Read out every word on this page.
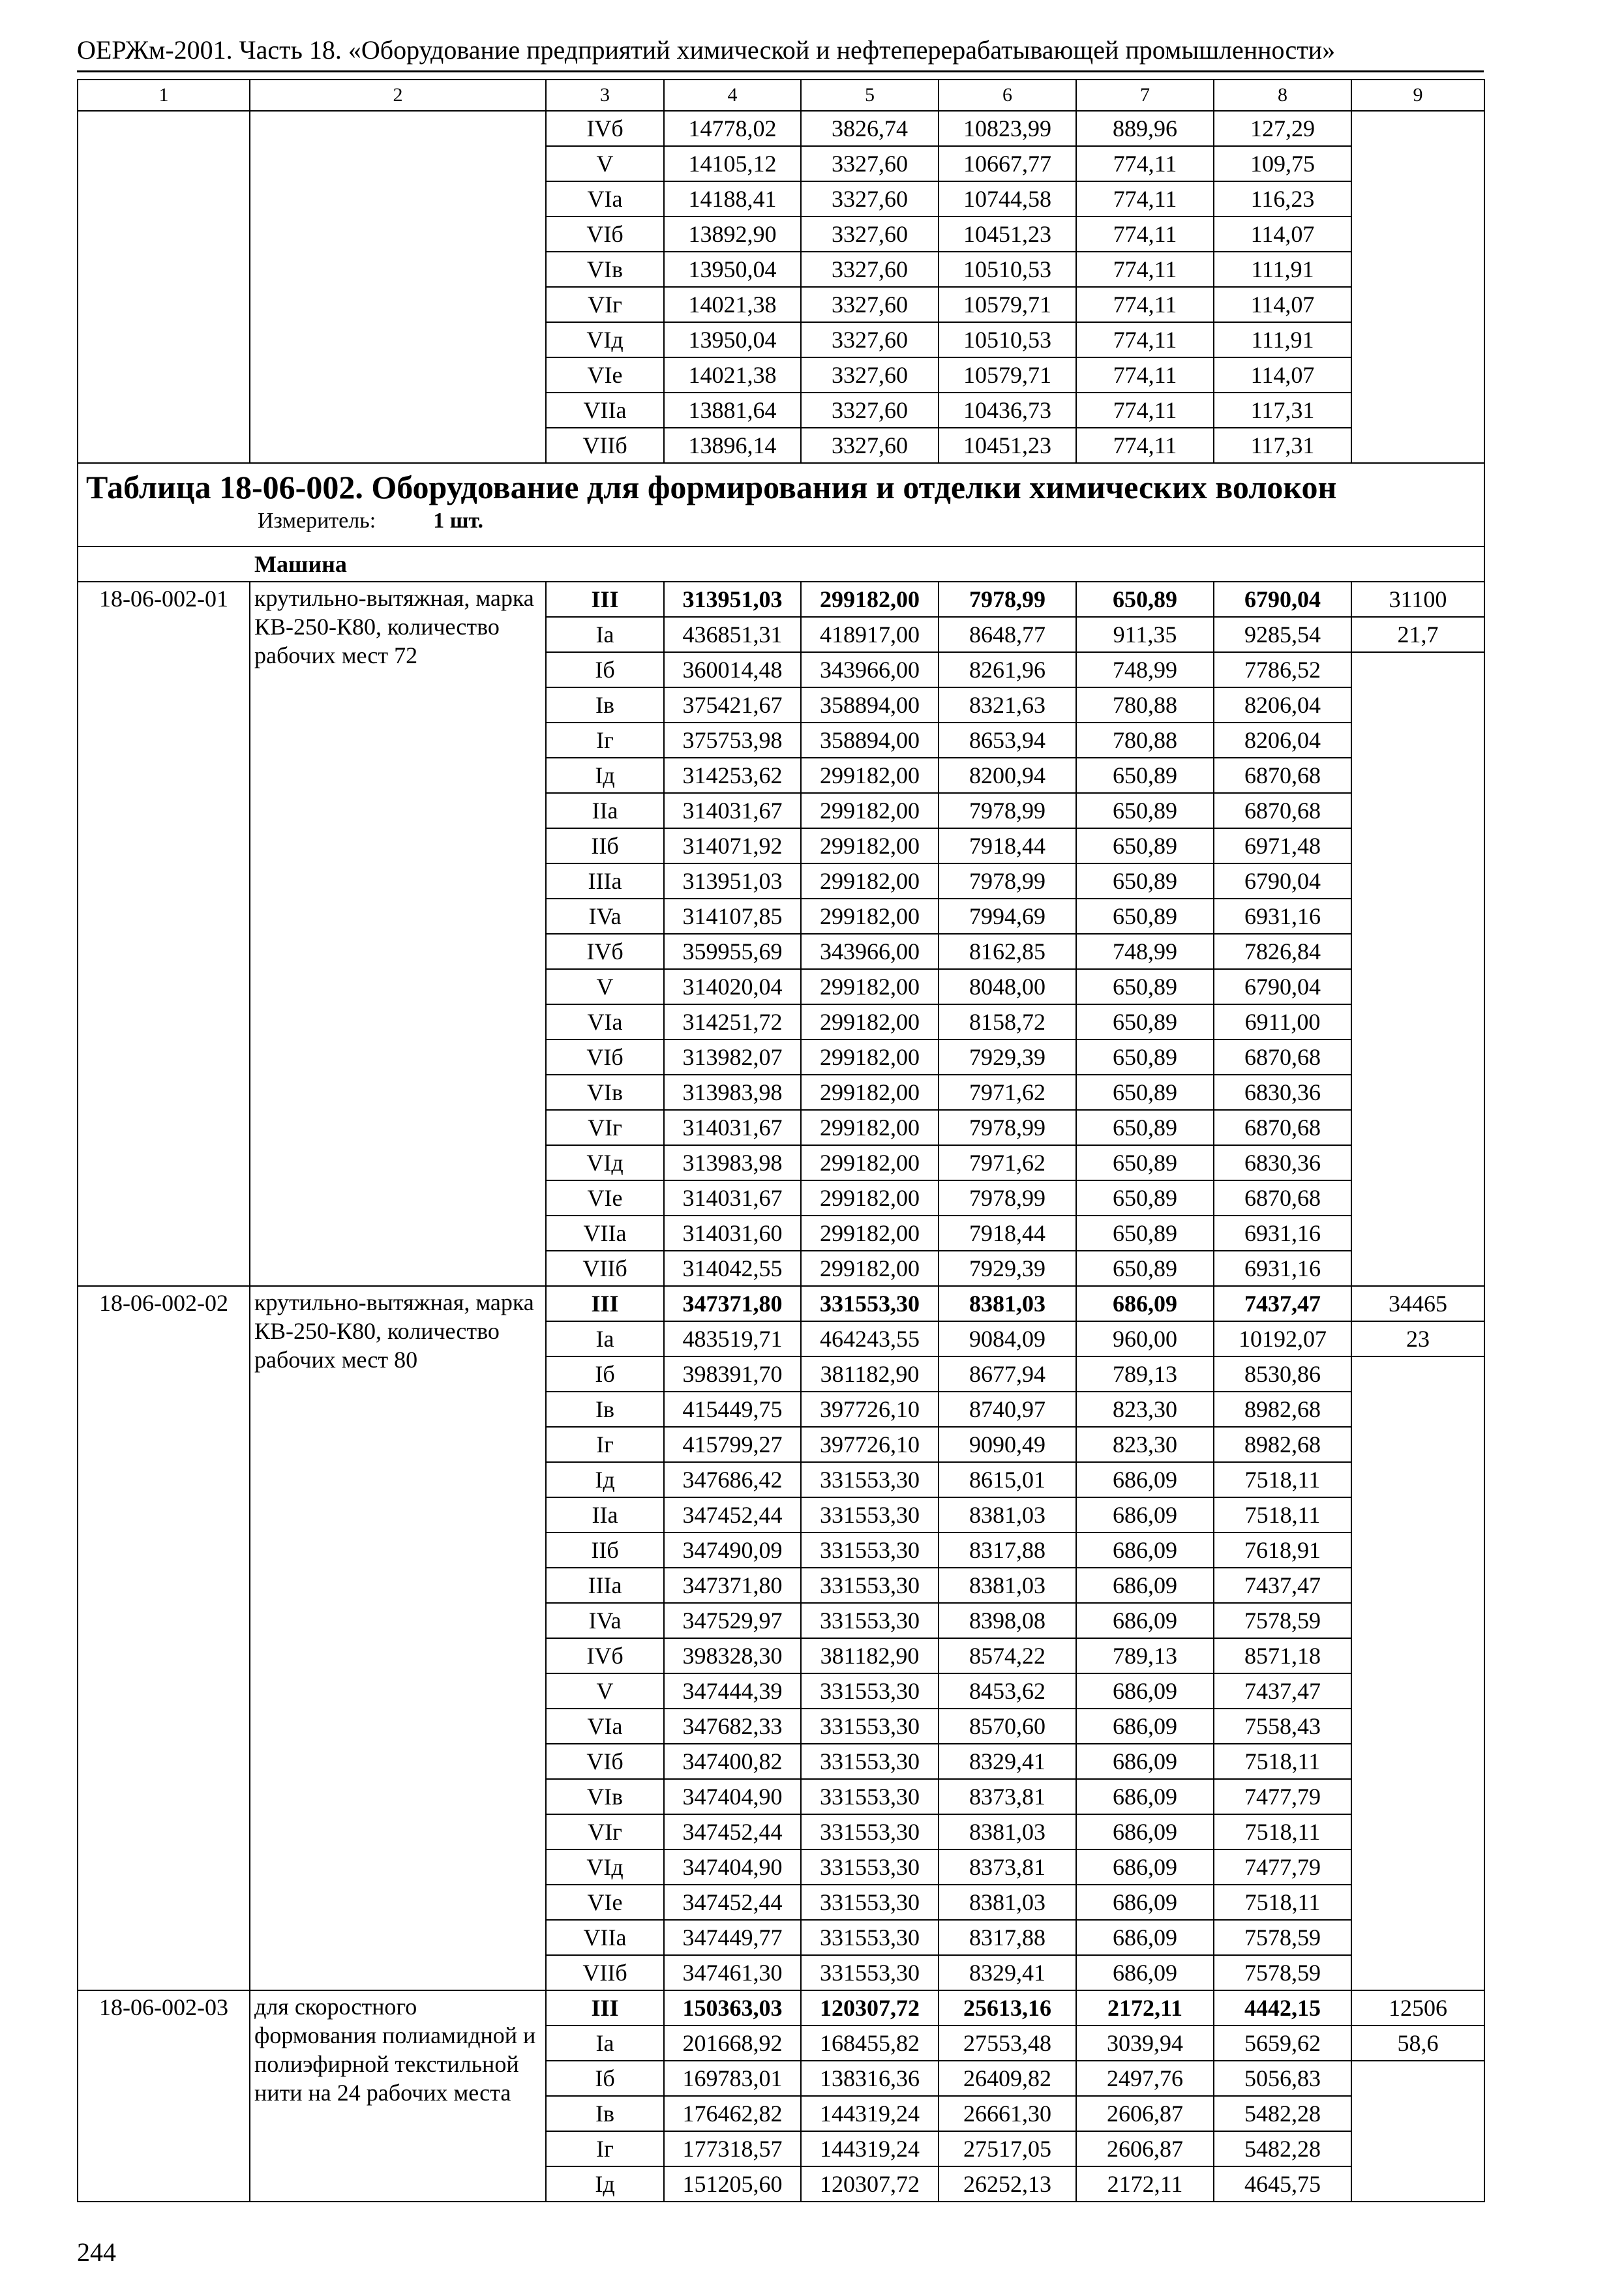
ОЕРЖм-2001. Часть 18. «Оборудование предприятий химической и нефтеперерабатывающей промышленности»
1	2	3	4	5	6	7	8	9
		IVб	14778,02	3826,74	10823,99	889,96	127,29	
		V	14105,12	3327,60	10667,77	774,11	109,75	
		VIa	14188,41	3327,60	10744,58	774,11	116,23	
		VIб	13892,90	3327,60	10451,23	774,11	114,07	
		VIв	13950,04	3327,60	10510,53	774,11	111,91	
		VIг	14021,38	3327,60	10579,71	774,11	114,07	
		VIд	13950,04	3327,60	10510,53	774,11	111,91	
		VIe	14021,38	3327,60	10579,71	774,11	114,07	
		VIIa	13881,64	3327,60	10436,73	774,11	117,31	
		VIIб	13896,14	3327,60	10451,23	774,11	117,31	

Таблица 18-06-002. Оборудование для формирования и отделки химических волокон
Измеритель: 1 шт.								

Машина								
18-06-002-01	крутильно-вытяжная, марка КВ-250-К80, количество рабочих мест 72	III	313951,03	299182,00	7978,99	650,89	6790,04	31100
		Ia	436851,31	418917,00	8648,77	911,35	9285,54	21,7
		Iб	360014,48	343966,00	8261,96	748,99	7786,52	
		Iв	375421,67	358894,00	8321,63	780,88	8206,04	
		Iг	375753,98	358894,00	8653,94	780,88	8206,04	
		Iд	314253,62	299182,00	8200,94	650,89	6870,68	
		IIa	314031,67	299182,00	7978,99	650,89	6870,68	
		IIб	314071,92	299182,00	7918,44	650,89	6971,48	
		IIIa	313951,03	299182,00	7978,99	650,89	6790,04	
		IVa	314107,85	299182,00	7994,69	650,89	6931,16	
		IVб	359955,69	343966,00	8162,85	748,99	7826,84	
		V	314020,04	299182,00	8048,00	650,89	6790,04	
		VIa	314251,72	299182,00	8158,72	650,89	6911,00	
		VIб	313982,07	299182,00	7929,39	650,89	6870,68	
		VIв	313983,98	299182,00	7971,62	650,89	6830,36	
		VIг	314031,67	299182,00	7978,99	650,89	6870,68	
		VIд	313983,98	299182,00	7971,62	650,89	6830,36	
		VIe	314031,67	299182,00	7978,99	650,89	6870,68	
		VIIa	314031,60	299182,00	7918,44	650,89	6931,16	
		VIIб	314042,55	299182,00	7929,39	650,89	6931,16	
18-06-002-02	крутильно-вытяжная, марка КВ-250-К80, количество рабочих мест 80	III	347371,80	331553,30	8381,03	686,09	7437,47	34465
		Ia	483519,71	464243,55	9084,09	960,00	10192,07	23
		Iб	398391,70	381182,90	8677,94	789,13	8530,86	
		Iв	415449,75	397726,10	8740,97	823,30	8982,68	
		Iг	415799,27	397726,10	9090,49	823,30	8982,68	
		Iд	347686,42	331553,30	8615,01	686,09	7518,11	
		IIa	347452,44	331553,30	8381,03	686,09	7518,11	
		IIб	347490,09	331553,30	8317,88	686,09	7618,91	
		IIIa	347371,80	331553,30	8381,03	686,09	7437,47	
		IVa	347529,97	331553,30	8398,08	686,09	7578,59	
		IVб	398328,30	381182,90	8574,22	789,13	8571,18	
		V	347444,39	331553,30	8453,62	686,09	7437,47	
		VIa	347682,33	331553,30	8570,60	686,09	7558,43	
		VIб	347400,82	331553,30	8329,41	686,09	7518,11	
		VIв	347404,90	331553,30	8373,81	686,09	7477,79	
		VIг	347452,44	331553,30	8381,03	686,09	7518,11	
		VIд	347404,90	331553,30	8373,81	686,09	7477,79	
		VIe	347452,44	331553,30	8381,03	686,09	7518,11	
		VIIa	347449,77	331553,30	8317,88	686,09	7578,59	
		VIIб	347461,30	331553,30	8329,41	686,09	7578,59	
18-06-002-03	для скоростного формования полиамидной и полиэфирной текстильной нити на 24 рабочих места	III	150363,03	120307,72	25613,16	2172,11	4442,15	12506
		Ia	201668,92	168455,82	27553,48	3039,94	5659,62	58,6
		Iб	169783,01	138316,36	26409,82	2497,76	5056,83	
		Iв	176462,82	144319,24	26661,30	2606,87	5482,28	
		Iг	177318,57	144319,24	27517,05	2606,87	5482,28	
		Iд	151205,60	120307,72	26252,13	2172,11	4645,75	
244
